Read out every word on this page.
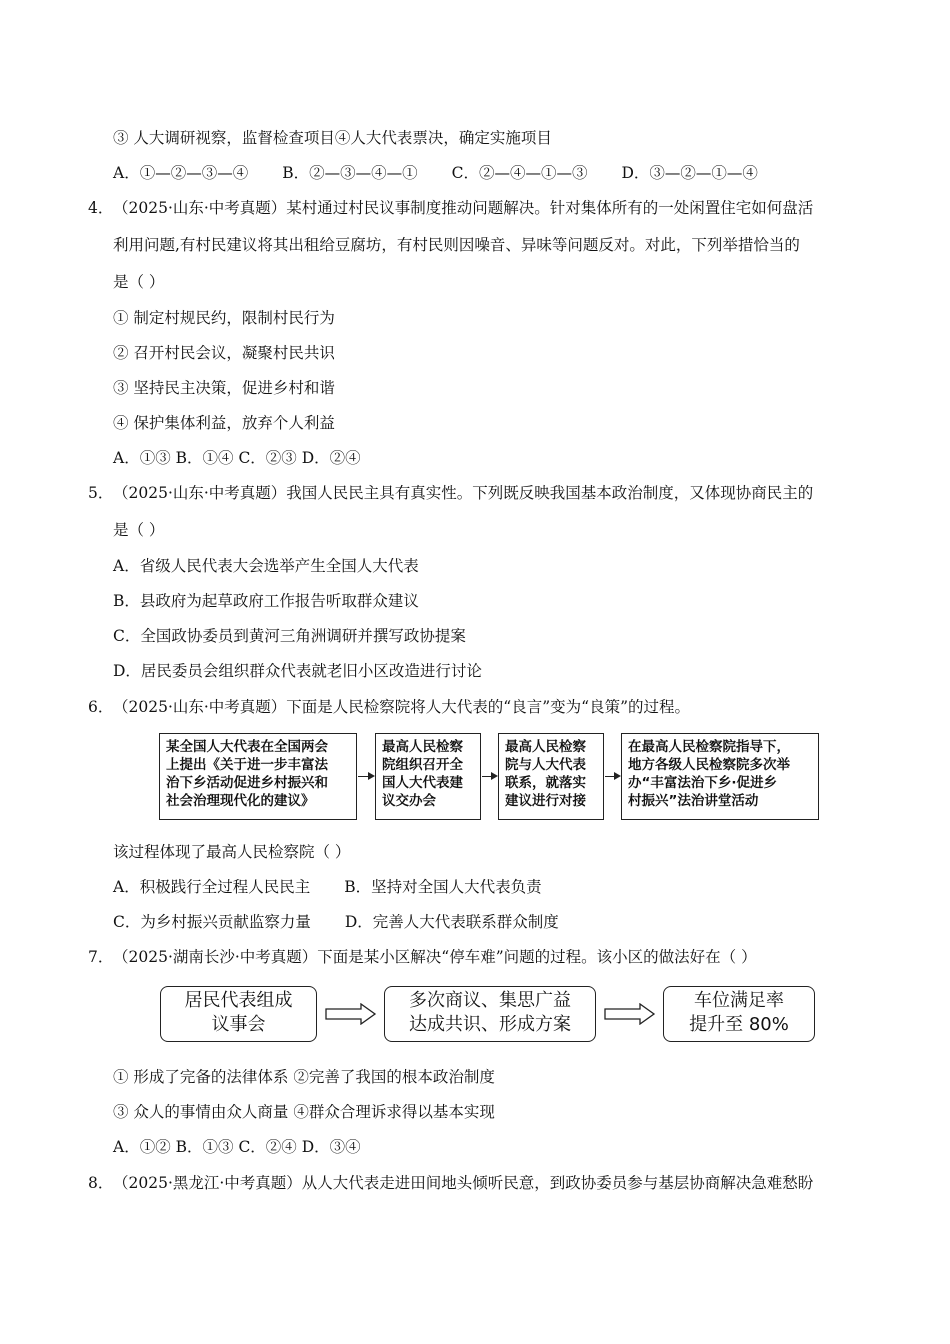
③ 人大调研视察，监督检查项目④人大代表票决，确定实施项目
A．①—②—③—④ B．②—③—④—① C．②—④—①—③ D．③—②—①—④
4． （2025·山东·中考真题）某村通过村民议事制度推动问题解决。针对集体所有的一处闲置住宅如何盘活
利用问题,有村民建议将其出租给豆腐坊，有村民则因噪音、异味等问题反对。对此，下列举措恰当的
是（ ）
① 制定村规民约，限制村民行为
② 召开村民会议，凝聚村民共识
③ 坚持民主决策，促进乡村和谐
④ 保护集体利益，放弃个人利益
A．①③ B．①④ C．②③ D．②④
5． （2025·山东·中考真题）我国人民民主具有真实性。下列既反映我国基本政治制度，又体现协商民主的
是（ ）
A．省级人民代表大会选举产生全国人大代表
B．县政府为起草政府工作报告听取群众建议
C．全国政协委员到黄河三角洲调研并撰写政协提案
D．居民委员会组织群众代表就老旧小区改造进行讨论
6． （2025·山东·中考真题）下面是人民检察院将人大代表的“良言”变为“良策”的过程。
某全国人大代表在全国两会
上提出《关于进一步丰富法
治下乡活动促进乡村振兴和
社会治理现代化的建议》
最高人民检察
院组织召开全
国人大代表建
议交办会
最高人民检察
院与人大代表
联系，就落实
建议进行对接
在最高人民检察院指导下，
地方各级人民检察院多次举
办“丰富法治下乡·促进乡
村振兴”法治讲堂活动
该过程体现了最高人民检察院（ ）
A．积极践行全过程人民民主 B．坚持对全国人大代表负责
C．为乡村振兴贡献监察力量 D．完善人大代表联系群众制度
7． （2025·湖南长沙·中考真题）下面是某小区解决“停车难”问题的过程。该小区的做法好在（ ）
居民代表组成
议事会
多次商议、集思广益
达成共识、形成方案
车位满足率
提升至 80%
① 形成了完备的法律体系 ②完善了我国的根本政治制度
③ 众人的事情由众人商量 ④群众合理诉求得以基本实现
A．①② B．①③ C．②④ D．③④
8． （2025·黑龙江·中考真题）从人大代表走进田间地头倾听民意，到政协委员参与基层协商解决急难愁盼
